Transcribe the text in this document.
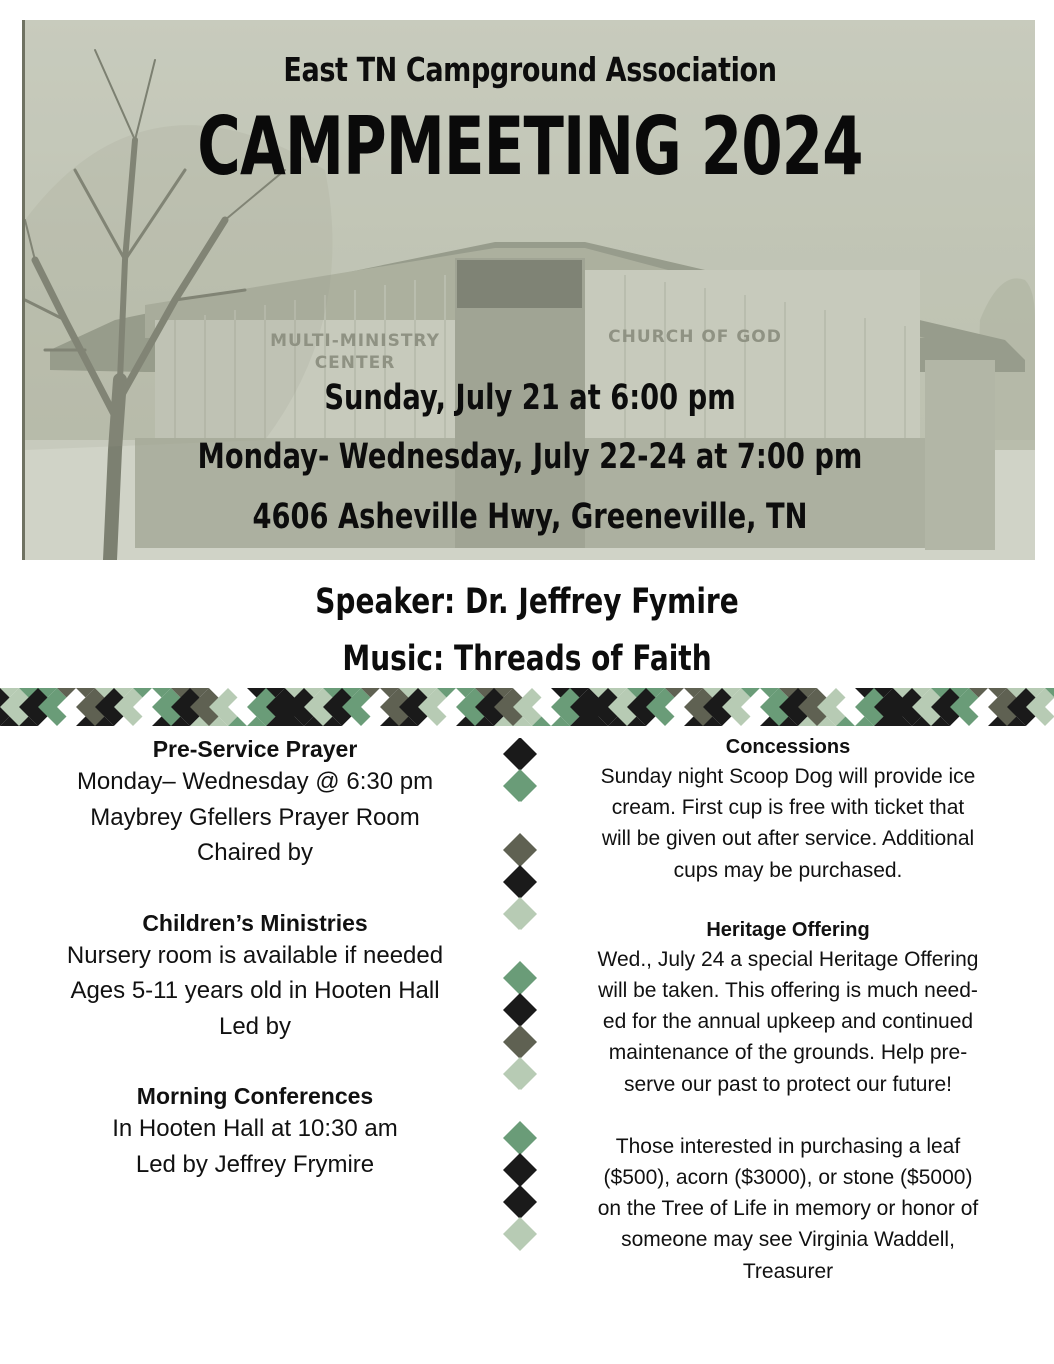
MULTI-MINISTRY
CENTER
CHURCH OF GOD
East TN Campground Association
CAMPMEETING 2024
Sunday, July 21 at 6:00 pm
Monday- Wednesday, July 22-24 at 7:00 pm
4606 Asheville Hwy, Greeneville, TN
Speaker: Dr. Jeffrey Fymire
Music: Threads of Faith
Pre-Service Prayer

Monday– Wednesday @ 6:30 pm

Maybrey Gfellers Prayer Room

Chaired by

Children’s Ministries

Nursery room is available if needed

Ages 5-11 years old in Hooten Hall

Led by

Morning Conferences

In Hooten Hall at 10:30 am

Led by Jeffrey Frymire

Concessions

Sunday night Scoop Dog will provide ice

cream. First cup is free with ticket that

will be given out after service. Additional

cups may be purchased.

Heritage Offering

Wed., July 24 a special Heritage Offering

will be taken. This offering is much need-

ed for the annual upkeep and continued

maintenance of the grounds. Help pre-

serve our past to protect our future!

Those interested in purchasing a leaf

($500), acorn ($3000), or stone ($5000)

on the Tree of Life in memory or honor of

someone may see Virginia Waddell,

Treasurer
